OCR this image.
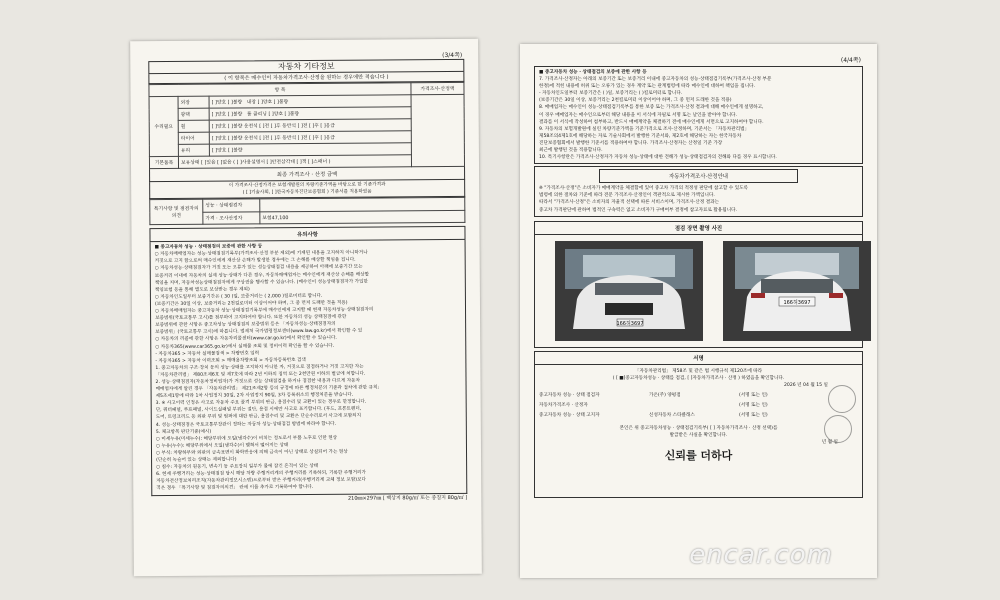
(3/4쪽)
자동차 기타정보
( 이 항목은 매수인이 자동차가격조사·산정을 원하는 경우에만 적습니다 )
항 목			가격조사·산정액
수리필요	외장	[ ]양호 [ ]불량 내장 [ ]양호 [ ]불량	
	광택	[ ]양호 [ ]불량 룸 클리닝 [ ]양호 [ ]불량	
	휠	[ ]양호 [ ]불량 운전석 [ ]전 [ ]후 동반석 [ ]전 [ ]후 [ ]응급	
	타이어	[ ]양호 [ ]불량 운전석 [ ]전 [ ]후 동반석 [ ]전 [ ]후 [ ]응급	
	유리	[ ]양호 [ ]불량	
기본품목	보유상태 [ ]있음 [ ]없음 ( [ ]사용설명서 [ ]안전삼각대 [ ]잭 [ ]스패너 )		
최종 가격조사 · 산정 금액
이 가격조사·산정가격은 보험개발원의 차량기준가액을 바탕으로 한 기준가격과
( [ ]기술사회, [ ]한국자동차진단보증협회 ) 기준서를 적용하였음
특기사항 및 점검자의 의견	성능 · 상태점검자	
	가격 · 조사산정자	보험47,100
유의사항
■ 중고자동차 성능 · 상태점검의 보증에 관한 사항 등
○ 자동차매매업자는 성능·상태점검기록부(가격조사·산정 부분 제외)에 기재된 내용을 고지하지 아니하거나
거짓으로 고지 함으로써 매수인에게 재산상 손해가 발생한 경우에는 그 손해를 배상할 책임을 집니다.
○ 자동차성능·상태점검자가 거짓 또는 오류가 있는 성능상태점검 내용을 제공하여 아래에 보증기간 또는
보증거리 이내에 자동차의 실제 성능·상태가 다른 경우, 자동차매매업자는 매수인에게 재산상 손해를 배상할
책임을 지며, 자동차성능상태점검자에게 구상권을 행사할 수 있습니다. (매수인이 성능상태점검자가 가입한
책임보험 등을 통해 별도로 보상받는 경우 제외)
○ 자동차인도일부터 보증기간은 ( 30 )일, 보증거리는 ( 2,000 )킬로미터로 합니다.
(보증기간은 30일 이상, 보증거리는 2천킬로미터 이상이어야 하며, 그 중 먼저 도래한 것을 적용)
○ 자동차매매업자는 중고자동차 성능·상태점검기록부에 매수인에게 고지할 때 현재 자동차성능·상태점검자의
보증범위(국토교통부 고시)를 첨부하여 고지하여야 합니다. 또한 자동차의 성능 상태점검에 관한
보증범위에 관한 사항은 중고차성능 상태점검의 보증범위 등은 「자동차성능·상태점검자의
보증범위」(국토교통부 고시)에 따릅니다. 법제처 국가법령정보센터(www.law.go.kr)에서 확인할 수 있
○ 자동차의 리콜에 관한 사항은 자동차리콜센터(www.car.go.kr)에서 확인할 수 있습니다.
○ 자동차365(www.car365.go.kr)에서 실매물 조회 및 정비이력 확인을 할 수 있습니다.
- 자동차365 > 자동차 실매물검색 > 차량번호 입력
- 자동차365 > 자동차 이력조회 > 매매용차량조회 > 자동차등록번호 검색
1. 중고자동차의 구조·장치 등의 성능·상태를 고지하지 아니한 자, 거짓으로 점검하거나 거짓 고지한 자는
「자동차관리법」 제80조제6호 및 제7호에 따라 2년 이하의 징역 또는 2천만원 이하의 벌금에 처합니다.
2. 성능·상태점검자(자동차정비업자)가 거짓으로 성능 상태점검을 하거나 점검한 내용과 다르게 자동차
매매업자에게 알린 경우 「자동차관리법」 제21조제2항 등의 규정에 따른 행정처분의 기준과 절차에 관한 규칙」
제5조제1항에 따라 1차 사업정지 30일, 2차 사업정지 90일, 3차 등록취소의 행정처분을 받습니다.
3. ※ 사고이력 인정은 사고로 자동차 주요 골격 부위의 판금, 용접수리 및 교환이 있는 경우로 한정합니다.
단, 쿼터패널, 루프패널, 사이드실패널 부위는 절단, 용접 시에만 사고로 표기합니다. (후드, 프론트펜더,
도어, 트렁크리드 등 외판 부위 및 범퍼에 대한 판금, 용접수리 및 교환은 단순수리로서 사고에 포함되지
4. 성능·상태점검은 국토교통부장관이 정하는 자동차 성능·상태점검 방법에 따라야 합니다.
5. 체크항목 판단기준(예시)
○ 미세누유(미세누수): 해당부위에 오일(냉각수)이 비치는 정도로서 부품 노후로 인한 현상
○ 누유(누수): 해당부위에서 오일(냉각수)이 맺혀서 떨어지는 상태
○ 부식: 차량하부와 외판의 금속표면이 화학반응에 의해 금속이 아닌 상태로 상실되어 가는 현상
(단순히 녹슬어 있는 상태는 제외합니다)
○ 침수: 자동차의 원동기, 변속기 등 주요장치 일부가 물에 잠긴 흔적이 있는 상태
6. 현재 주행거리는 성능·상태점검 당시 해당 차량 주행거리계의 주행거리를 기록하되, 기록한 주행거리가
자동차전산정보처리조직(자동차관리정보시스템)으로부터 받은 주행거리(주행거리계 교체 정보 포함)보다
적은 경우 「특기사항 및 점검자의의견」 란에 이를 추가로 기록하여야 합니다.
210㎜×297㎜ [ 백상지 80g/㎡ 또는 중질지 80g/㎡ ]
(4/4쪽)
■ 중고자동차 성능 · 상태점검의 보증에 관한 사항 등
7. 가격조사·산정자는 아래의 보증기간 또는 보증거리 이내에 중고자동차의 성능·상태점검기록부(가격조사·산정 부분
한정)에 적힌 내용에 허위 또는 오류가 있는 경우 계약 또는 관계법령에 따라 매수인에 대하여 책임을 집니다.
- 자동차인도일부터 보증기간은 ( )일, 보증거리는 ( )킬로미터로 합니다.
(보증기간은 30일 이상, 보증거리는 2천킬로미터 이상이어야 하며, 그 중 먼저 도래한 것을 적용)
8. 매매업자는 매수인이 성능·상태점검기록부를 통한 보증 또는 가격조사·산정 결과에 대해 매수인에게 설명하고,
이 경우 매매업자는 매수인으로부터 해당 내용을 이 서식에 자필로 서명 또는 날인을 받아야 합니다.
결과를 이 서식에 작성하여 첨부하고, 반드시 매매계약을 체결하기 전에 매수인에게 서면으로 고지하여야 합니다.
9. 자동차의 보험개발원에 실린 차량기준가액을 기준가격으로 조사·산정하며, 기준서는 「자동차관리법」
제58조의4제1호에 해당하는 자로 기술사회에서 발행한 기준서와, 제2호에 해당하는 자는 한국자동차
진단보증협회에서 발행한 기준서를 적용하여야 합니다. 가격조사·산정자는 산정일 기준 가장
최근에 발행된 것을 적용합니다.
10. 특기사항란은 가격조사·산정자가 자동차 성능·상태에 대한 견해가 성능·상태점검자의 견해와 다를 경우 표시합니다.
자동차가격조사·산정안내
※ "가격조사·산정"은 소비자가 매매계약을 체결함에 있어 중고차 가격의 적정성 판단에 참고할 수 있도록
법령에 의한 절차와 기준에 따라 전문 가격조사·산정인이 객관적으로 제시한 가액입니다.
따라서 "가격조사·산정"은 소비자의 자율적 선택에 따른 서비스이며, 가격조사·산정 결과는
중고차 가격판단에 관하여 법적인 구속력은 없고 소비자가 구매여부 결정에 참고자료로 활용됩니다.
점검 장면 촬영 사진
166허3697
166허3697
서명
「자동차관리법」 제58조 및 같은 법 시행규칙 제120조에 따라
( [ ■]중고자동차성능 · 상태를 점검, [ ]자동차가격조사 · 산정 ) 하였음을 확인합니다.
2026 년 04 월 15 일
중고자동차 성능 · 상태 점검자	가온(주) 양평점	(서명 또는 인)
자동차가격조사 · 산정자	(서명 또는 인)
중고자동차 성능 · 상태 고지자	신성자동차 스타클래스	(서명 또는 인)
본인은 위 중고자동차성능 · 상태점검기록부( [ ] 자동차가격조사 · 산정 선택)를
발급받은 사실을 확인합니다.
년 월 일
신뢰를 더하다
encar.com
